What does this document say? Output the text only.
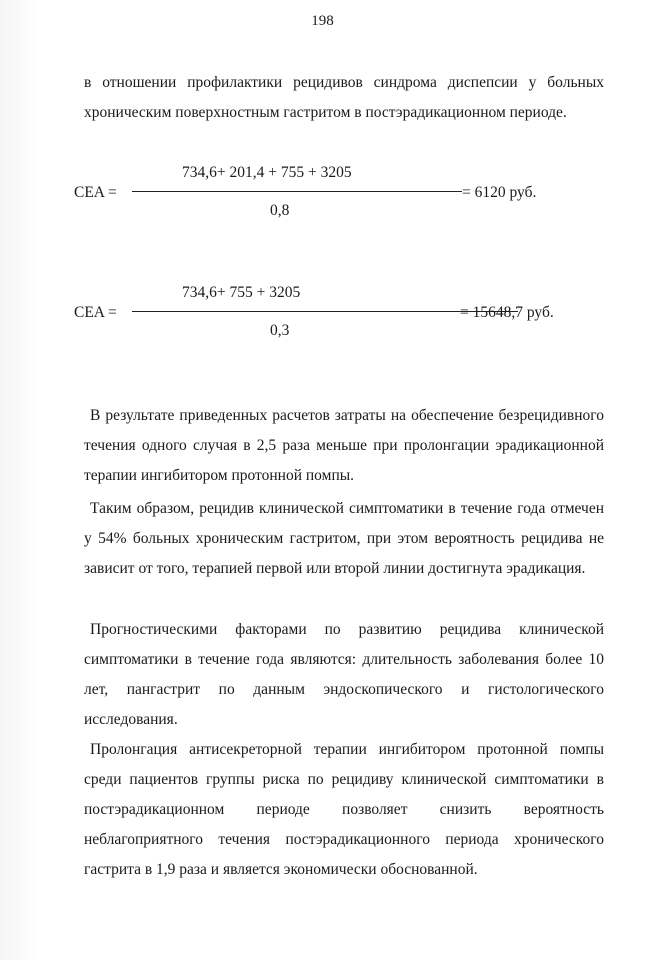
198

в отношении профилактики рецидивов синдрома диспепсии у больных хроническим поверхностным гастритом в постэрадикационном периоде.

CEA =
734,6+ 201,4 + 755 + 3205
0,8
= 6120 руб.
CEA =
734,6+ 755 + 3205
0,3
= 15648,7 руб.

В результате приведенных расчетов затраты на обеспечение безрецидивного течения одного случая в 2,5 раза меньше при пролонгации эрадикационной терапии ингибитором протонной помпы.

Таким образом, рецидив клинической симптоматики в течение года отмечен у 54% больных хроническим гастритом, при этом вероятность рецидива не зависит от того, терапией первой или второй линии достигнута эрадикация.

Прогностическими факторами по развитию рецидива клинической симптоматики в течение года являются: длительность заболевания более 10 лет, пангастрит по данным эндоскопического и гистологического исследования.

Пролонгация антисекреторной терапии ингибитором протонной помпы среди пациентов группы риска по рецидиву клинической симптоматики в постэрадикационном периоде позволяет снизить вероятность неблагоприятного течения постэрадикационного периода хронического гастрита в 1,9 раза и является экономически обоснованной.
